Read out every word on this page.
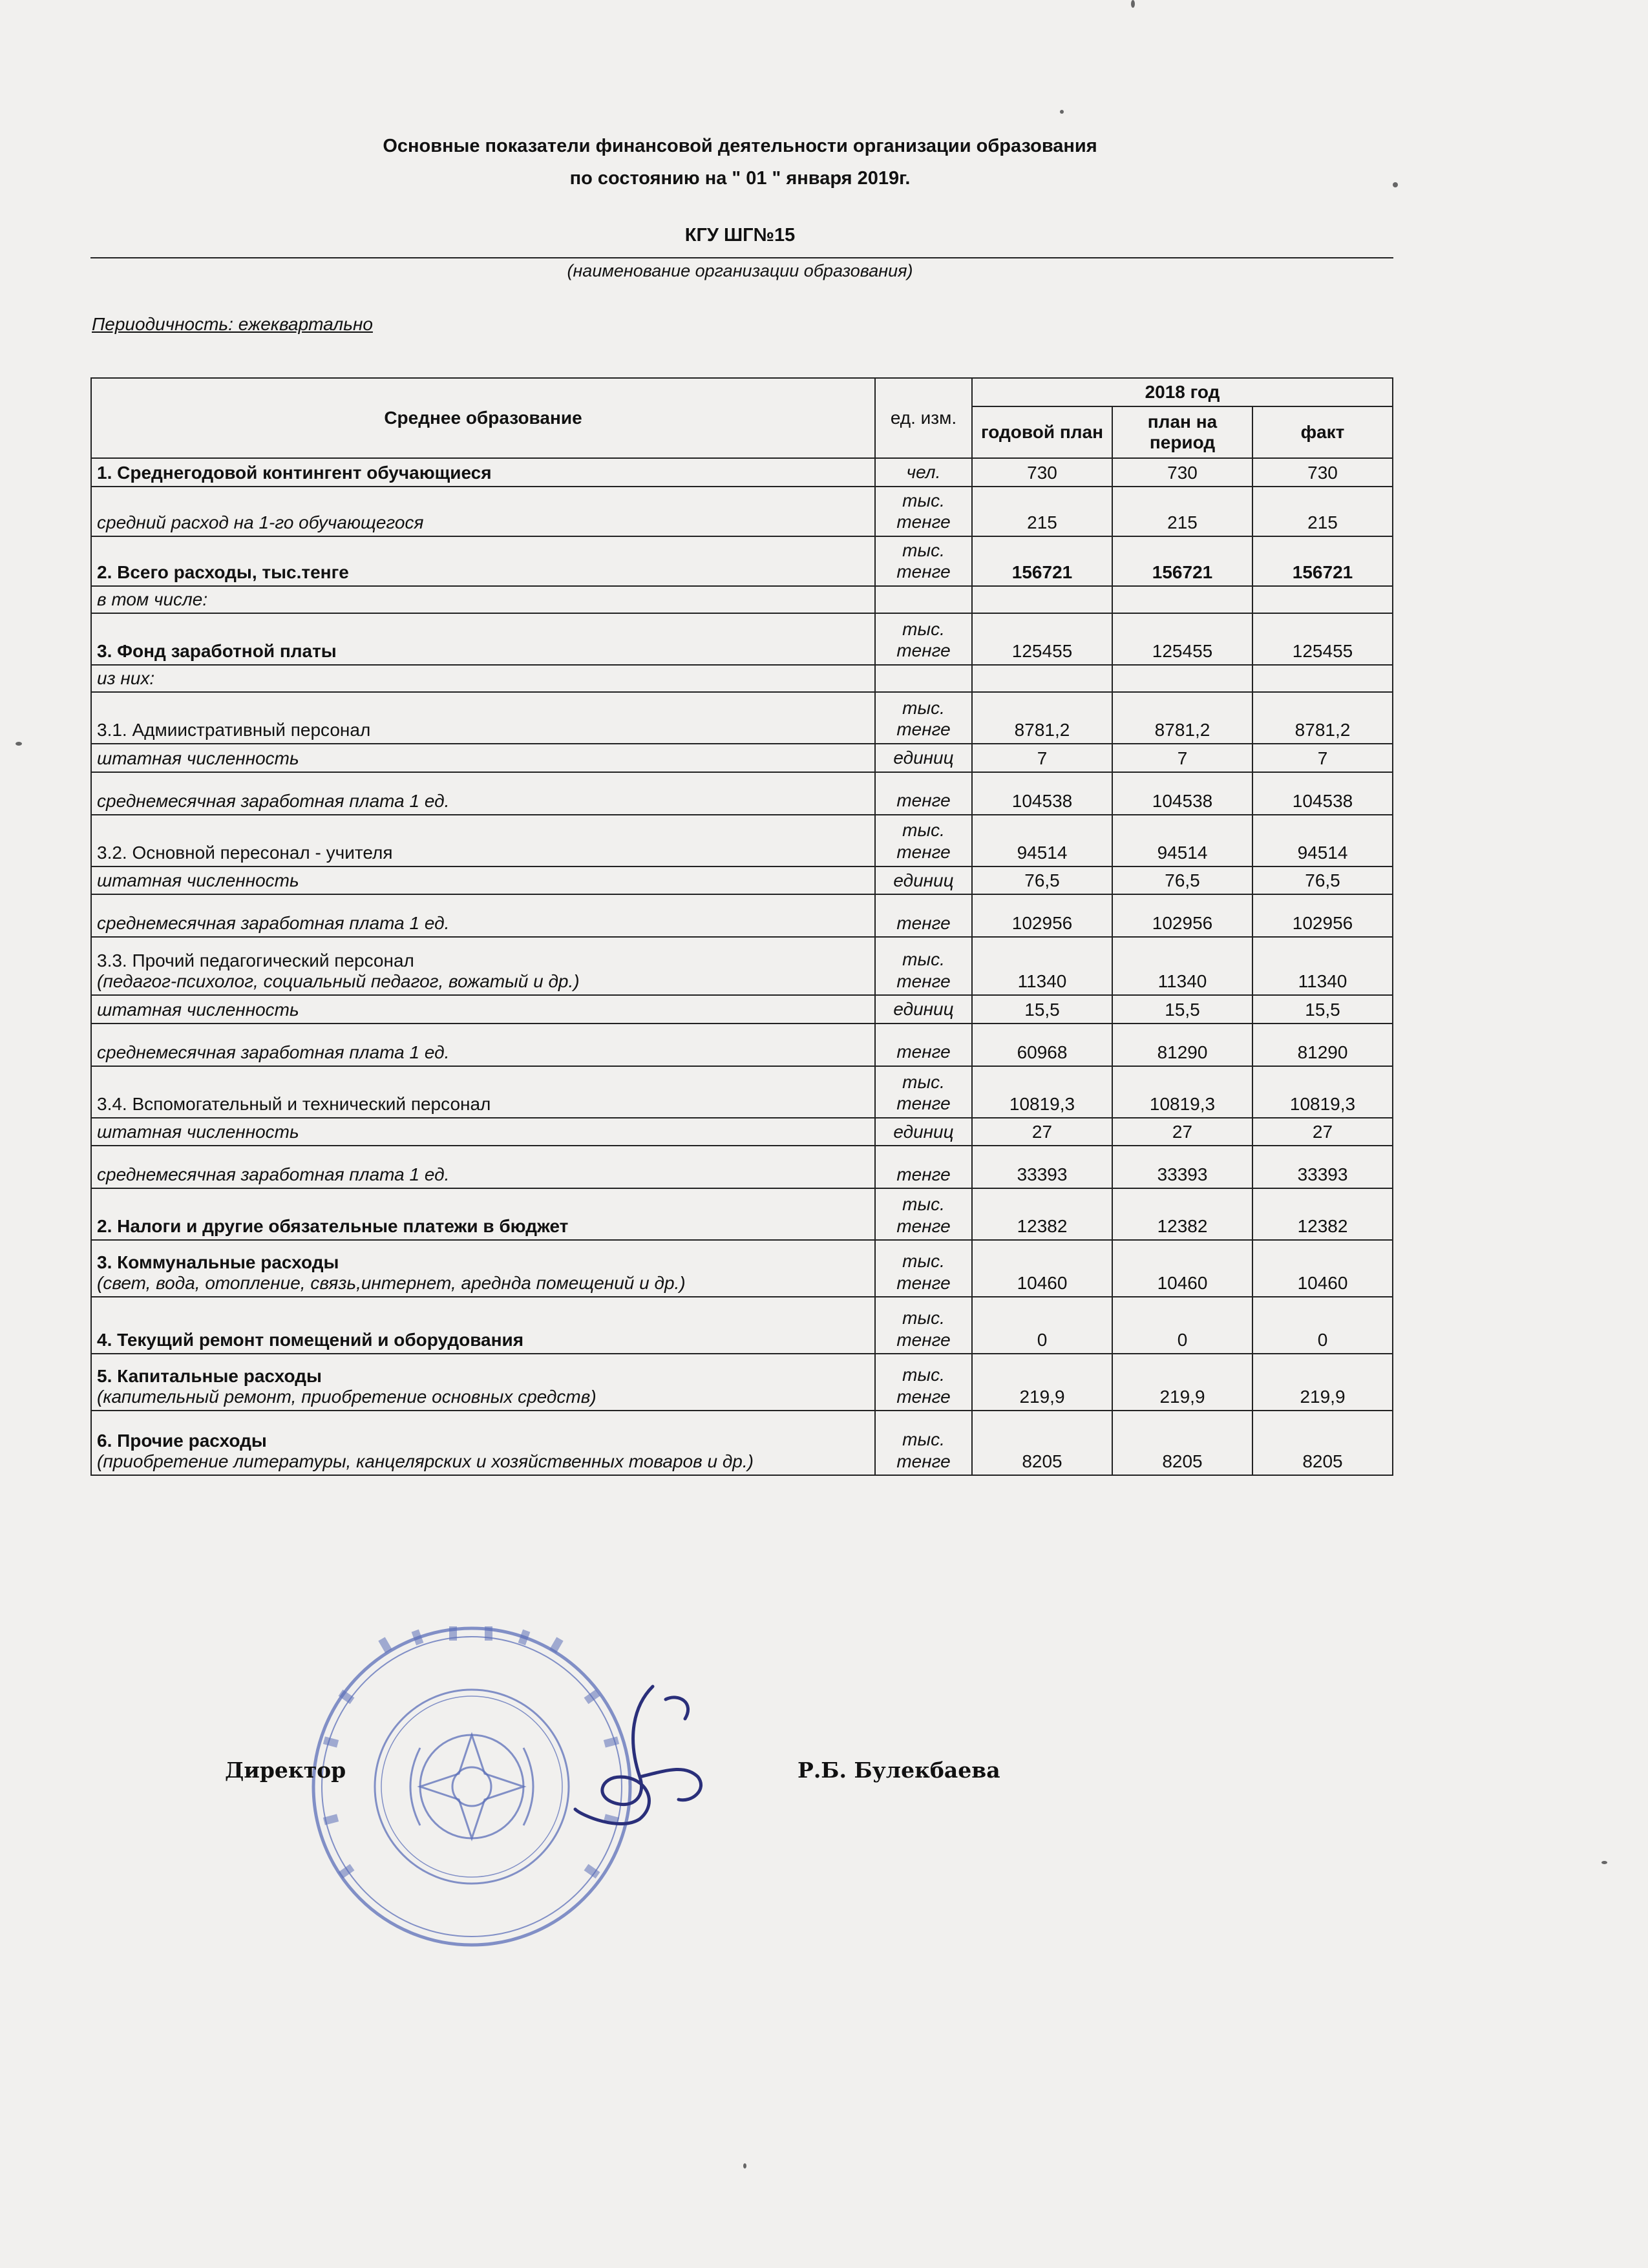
Основные показатели финансовой деятельности организации образования
по состоянию на " 01 " января 2019г.
КГУ ШГ№15
(наименование организации образования)
Периодичность: ежеквартально
Среднее образование	ед. изм.	2018 год		
		годовой план	план на период	факт

1. Среднегодовой контингент обучающиеся	чел.	730	730	730

средний расход на 1-го обучающегося	тыс. тенге	215	215	215

2. Всего расходы, тыс.тенге	тыс. тенге	156721	156721	156721

в том числе:				

3. Фонд заработной платы	тыс. тенге	125455	125455	125455

из них:				

3.1. Адмиистративный персонал	тыс. тенге	8781,2	8781,2	8781,2

штатная численность	единиц	7	7	7

среднемесячная заработная плата 1 ед.	тенге	104538	104538	104538

3.2. Основной пересонал - учителя	тыс. тенге	94514	94514	94514

штатная численность	единиц	76,5	76,5	76,5

среднемесячная заработная плата 1 ед.	тенге	102956	102956	102956

3.3. Прочий педагогический персонал
(педагог-психолог, социальный педагог, вожатый и др.)	тыс. тенге	11340	11340	11340

штатная численность	единиц	15,5	15,5	15,5

среднемесячная заработная плата 1 ед.	тенге	60968	81290	81290

3.4. Вспомогательный и технический персонал	тыс. тенге	10819,3	10819,3	10819,3

штатная численность	единиц	27	27	27

среднемесячная заработная плата 1 ед.	тенге	33393	33393	33393

2. Налоги и другие обязательные платежи в бюджет	тыс. тенге	12382	12382	12382

3. Коммунальные расходы
(свет, вода, отопление, связь,интернет, аредндa помещений и др.)	тыс. тенге	10460	10460	10460

4. Текущий ремонт помещений и оборудования	тыс. тенге	0	0	0

5. Капитальные расходы
(капительный ремонт, приобретение основных средств)	тыс. тенге	219,9	219,9	219,9

6. Прочие расходы
(приобретение литературы, канцелярских и хозяйственных товаров и др.)	тыс. тенге	8205	8205	8205
Директор	Р.Б. Булекбаева
